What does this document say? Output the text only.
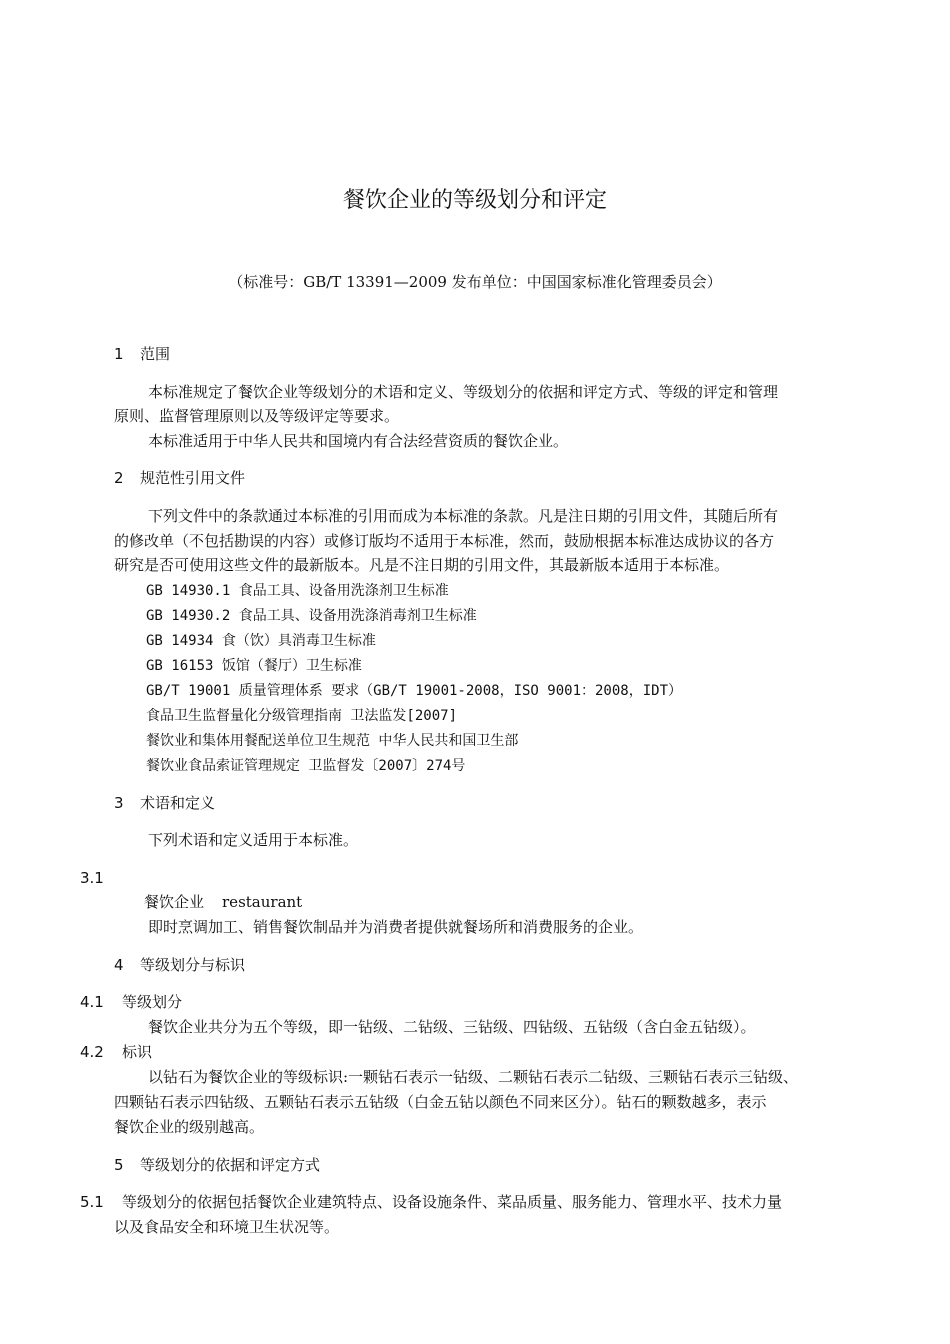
餐饮企业的等级划分和评定
（标准号：GB/T 13391—2009 发布单位：中国国家标准化管理委员会）
1 范围
本标准规定了餐饮企业等级划分的术语和定义、等级划分的依据和评定方式、等级的评定和管理
原则、监督管理原则以及等级评定等要求。
本标准适用于中华人民共和国境内有合法经营资质的餐饮企业。
2 规范性引用文件
下列文件中的条款通过本标准的引用而成为本标准的条款。凡是注日期的引用文件，其随后所有
的修改单（不包括勘误的内容）或修订版均不适用于本标准，然而，鼓励根据本标准达成协议的各方
研究是否可使用这些文件的最新版本。凡是不注日期的引用文件，其最新版本适用于本标准。
GB 14930.1 食品工具、设备用洗涤剂卫生标准
GB 14930.2 食品工具、设备用洗涤消毒剂卫生标准
GB 14934 食（饮）具消毒卫生标准
GB 16153 饭馆（餐厅）卫生标准
GB/T 19001 质量管理体系 要求（GB/T 19001-2008，ISO 9001：2008，IDT）
食品卫生监督量化分级管理指南 卫法监发[2007]
餐饮业和集体用餐配送单位卫生规范 中华人民共和国卫生部
餐饮业食品索证管理规定 卫监督发〔2007〕274号
3 术语和定义
下列术语和定义适用于本标准。
3.1
餐饮企业 restaurant
即时烹调加工、销售餐饮制品并为消费者提供就餐场所和消费服务的企业。
4 等级划分与标识
4.1 等级划分
餐饮企业共分为五个等级，即一钻级、二钻级、三钻级、四钻级、五钻级（含白金五钻级）。
4.2 标识
以钻石为餐饮企业的等级标识:一颗钻石表示一钻级、二颗钻石表示二钻级、三颗钻石表示三钻级、
四颗钻石表示四钻级、五颗钻石表示五钻级（白金五钻以颜色不同来区分）。钻石的颗数越多，表示
餐饮企业的级别越高。
5 等级划分的依据和评定方式
5.1 等级划分的依据包括餐饮企业建筑特点、设备设施条件、菜品质量、服务能力、管理水平、技术力量
以及食品安全和环境卫生状况等。
